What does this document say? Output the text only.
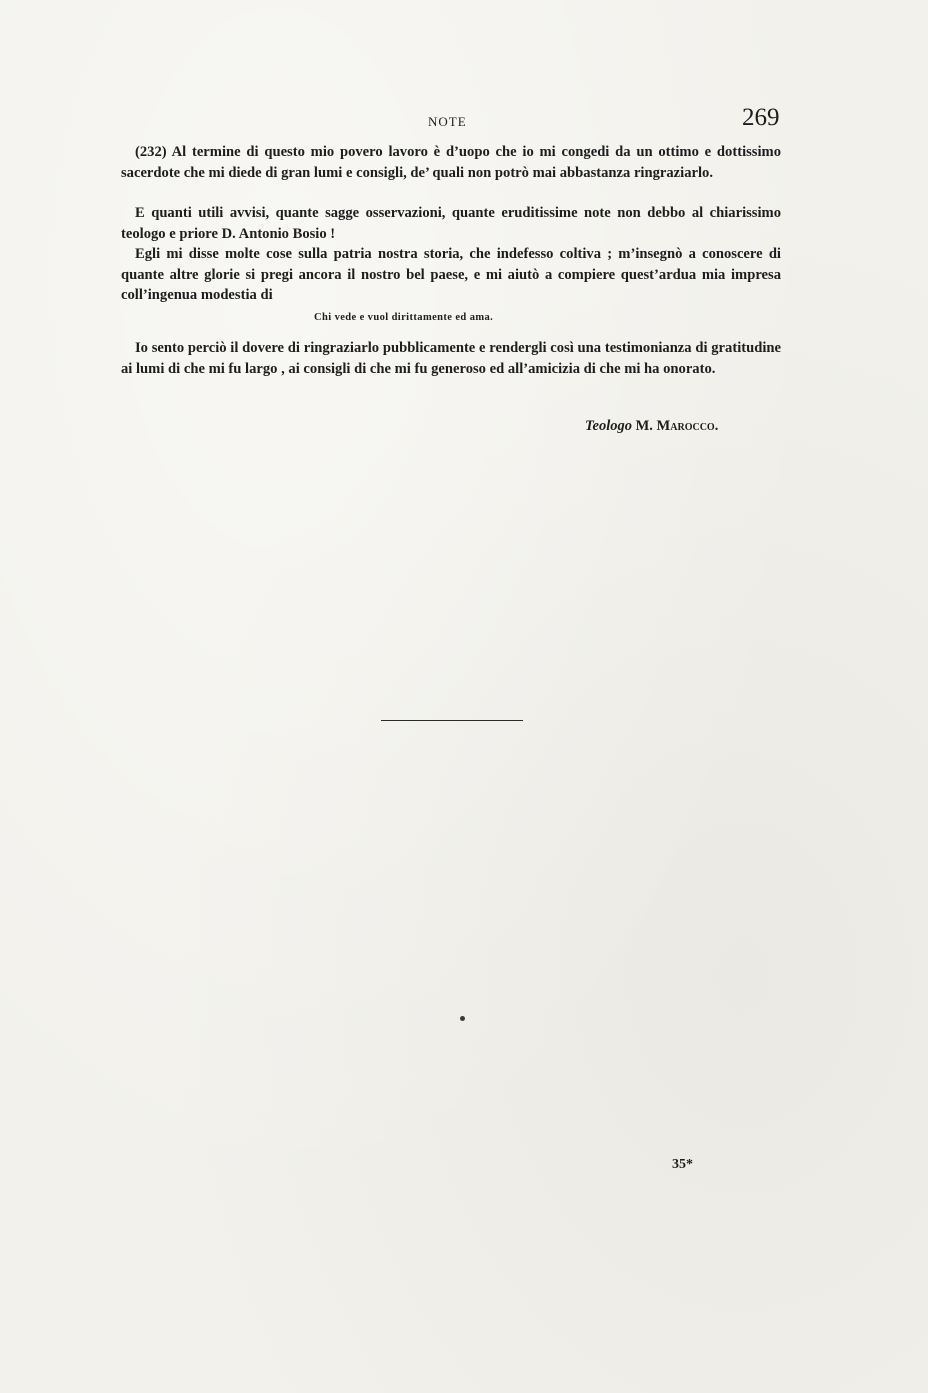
NOTE	269

(232) Al termine di questo mio povero lavoro è d’uopo che io mi congedi da un ottimo e dottissimo sacerdote che mi diede di gran lumi e consigli, de’ quali non potrò mai abbastanza ringraziarlo.

E quanti utili avvisi, quante sagge osservazioni, quante eruditissime note non debbo al chiarissimo teologo e priore D. Antonio Bosio !

Egli mi disse molte cose sulla patria nostra storia, che indefesso coltiva ; m’insegnò a conoscere di quante altre glorie si pregi ancora il nostro bel paese, e mi aiutò a compiere quest’ardua mia impresa coll’ingenua modestia di

Chi vede e vuol dirittamente ed ama.

Io sento perciò il dovere di ringraziarlo pubblicamente e rendergli così una testimonianza di gratitudine ai lumi di che mi fu largo , ai consigli di che mi fu generoso ed all’amicizia di che mi ha onorato.

Teologo M. Marocco.
35*
